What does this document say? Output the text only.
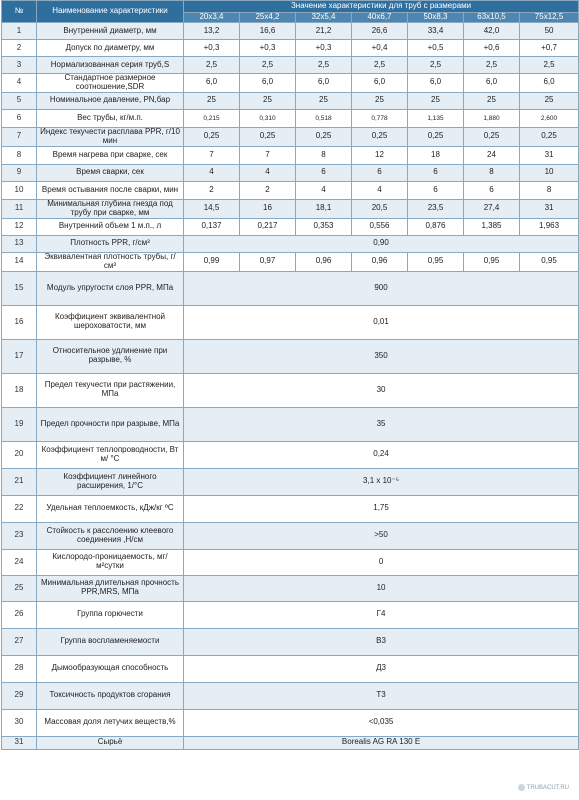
№	Наименование характеристики	Значение характеристики для труб с размерами						
		20х3,4	25х4,2	32х5,4	40х6,7	50х8,3	63х10,5	75х12,5
1	Внутренний диаметр, мм	13,2	16,6	21,2	26,6	33,4	42,0	50
2	Допуск по диаметру, мм	+0,3	+0,3	+0,3	+0,4	+0,5	+0,6	+0,7
3	Нормализованная серия труб,S	2,5	2,5	2,5	2,5	2,5	2,5	2,5
4	Стандартное размерное соотношение,SDR	6,0	6,0	6,0	6,0	6,0	6,0	6,0
5	Номинальное давление, PN,бар	25	25	25	25	25	25	25
6	Вес трубы, кг/м.п.	0,215	0,310	0,518	0,778	1,135	1,880	2,600
7	Индекс текучести расплава PPR, г/10 мин	0,25	0,25	0,25	0,25	0,25	0,25	0,25
8	Время нагрева при сварке, сек	7	7	8	12	18	24	31
9	Время сварки, сек	4	4	6	6	6	8	10
10	Время остывания после сварки, мин	2	2	4	4	6	6	8
11	Минимальная глубина гнезда под трубу при сварке, мм	14,5	16	18,1	20,5	23,5	27,4	31
12	Внутренний объем 1 м.п., л	0,137	0,217	0,353	0,556	0,876	1,385	1,963
13	Плотность PPR, г/см³	0,90						
14	Эквивалентная плотность трубы, г/см³	0,99	0,97	0,96	0,96	0,95	0,95	0,95
15	Модуль упругости слоя PPR, МПа	900						
16	Коэффициент эквивалентной шероховатости, мм	0,01						
17	Относительное удлинение при разрыве, %	350						
18	Предел текучести при растяжении, МПа	30						
19	Предел прочности при разрыве, МПа	35						
20	Коэффициент теплопроводности, Вт м/ °С	0,24						
21	Коэффициент линейного расширения, 1/°С	3,1 х 10⁻⁵						
22	Удельная теплоемкость, кДж/кг ºС	1,75						
23	Стойкость к расслоению клеевого соединения ,Н/см	>50						
24	Кислородо-проницаемость, мг/м²сутки	0						
25	Минимальная длительная прочность PPR,MRS, МПа	10						
26	Группа горючести	Г4						
27	Группа воспламеняемости	В3						
28	Дымообразующая способность	Д3						
29	Токсичность продуктов сгорания	Т3						
30	Массовая доля летучих веществ,%	<0,035						
31	Сырьё	Borealis AG RA 130 E						
TRUBACUT.RU
